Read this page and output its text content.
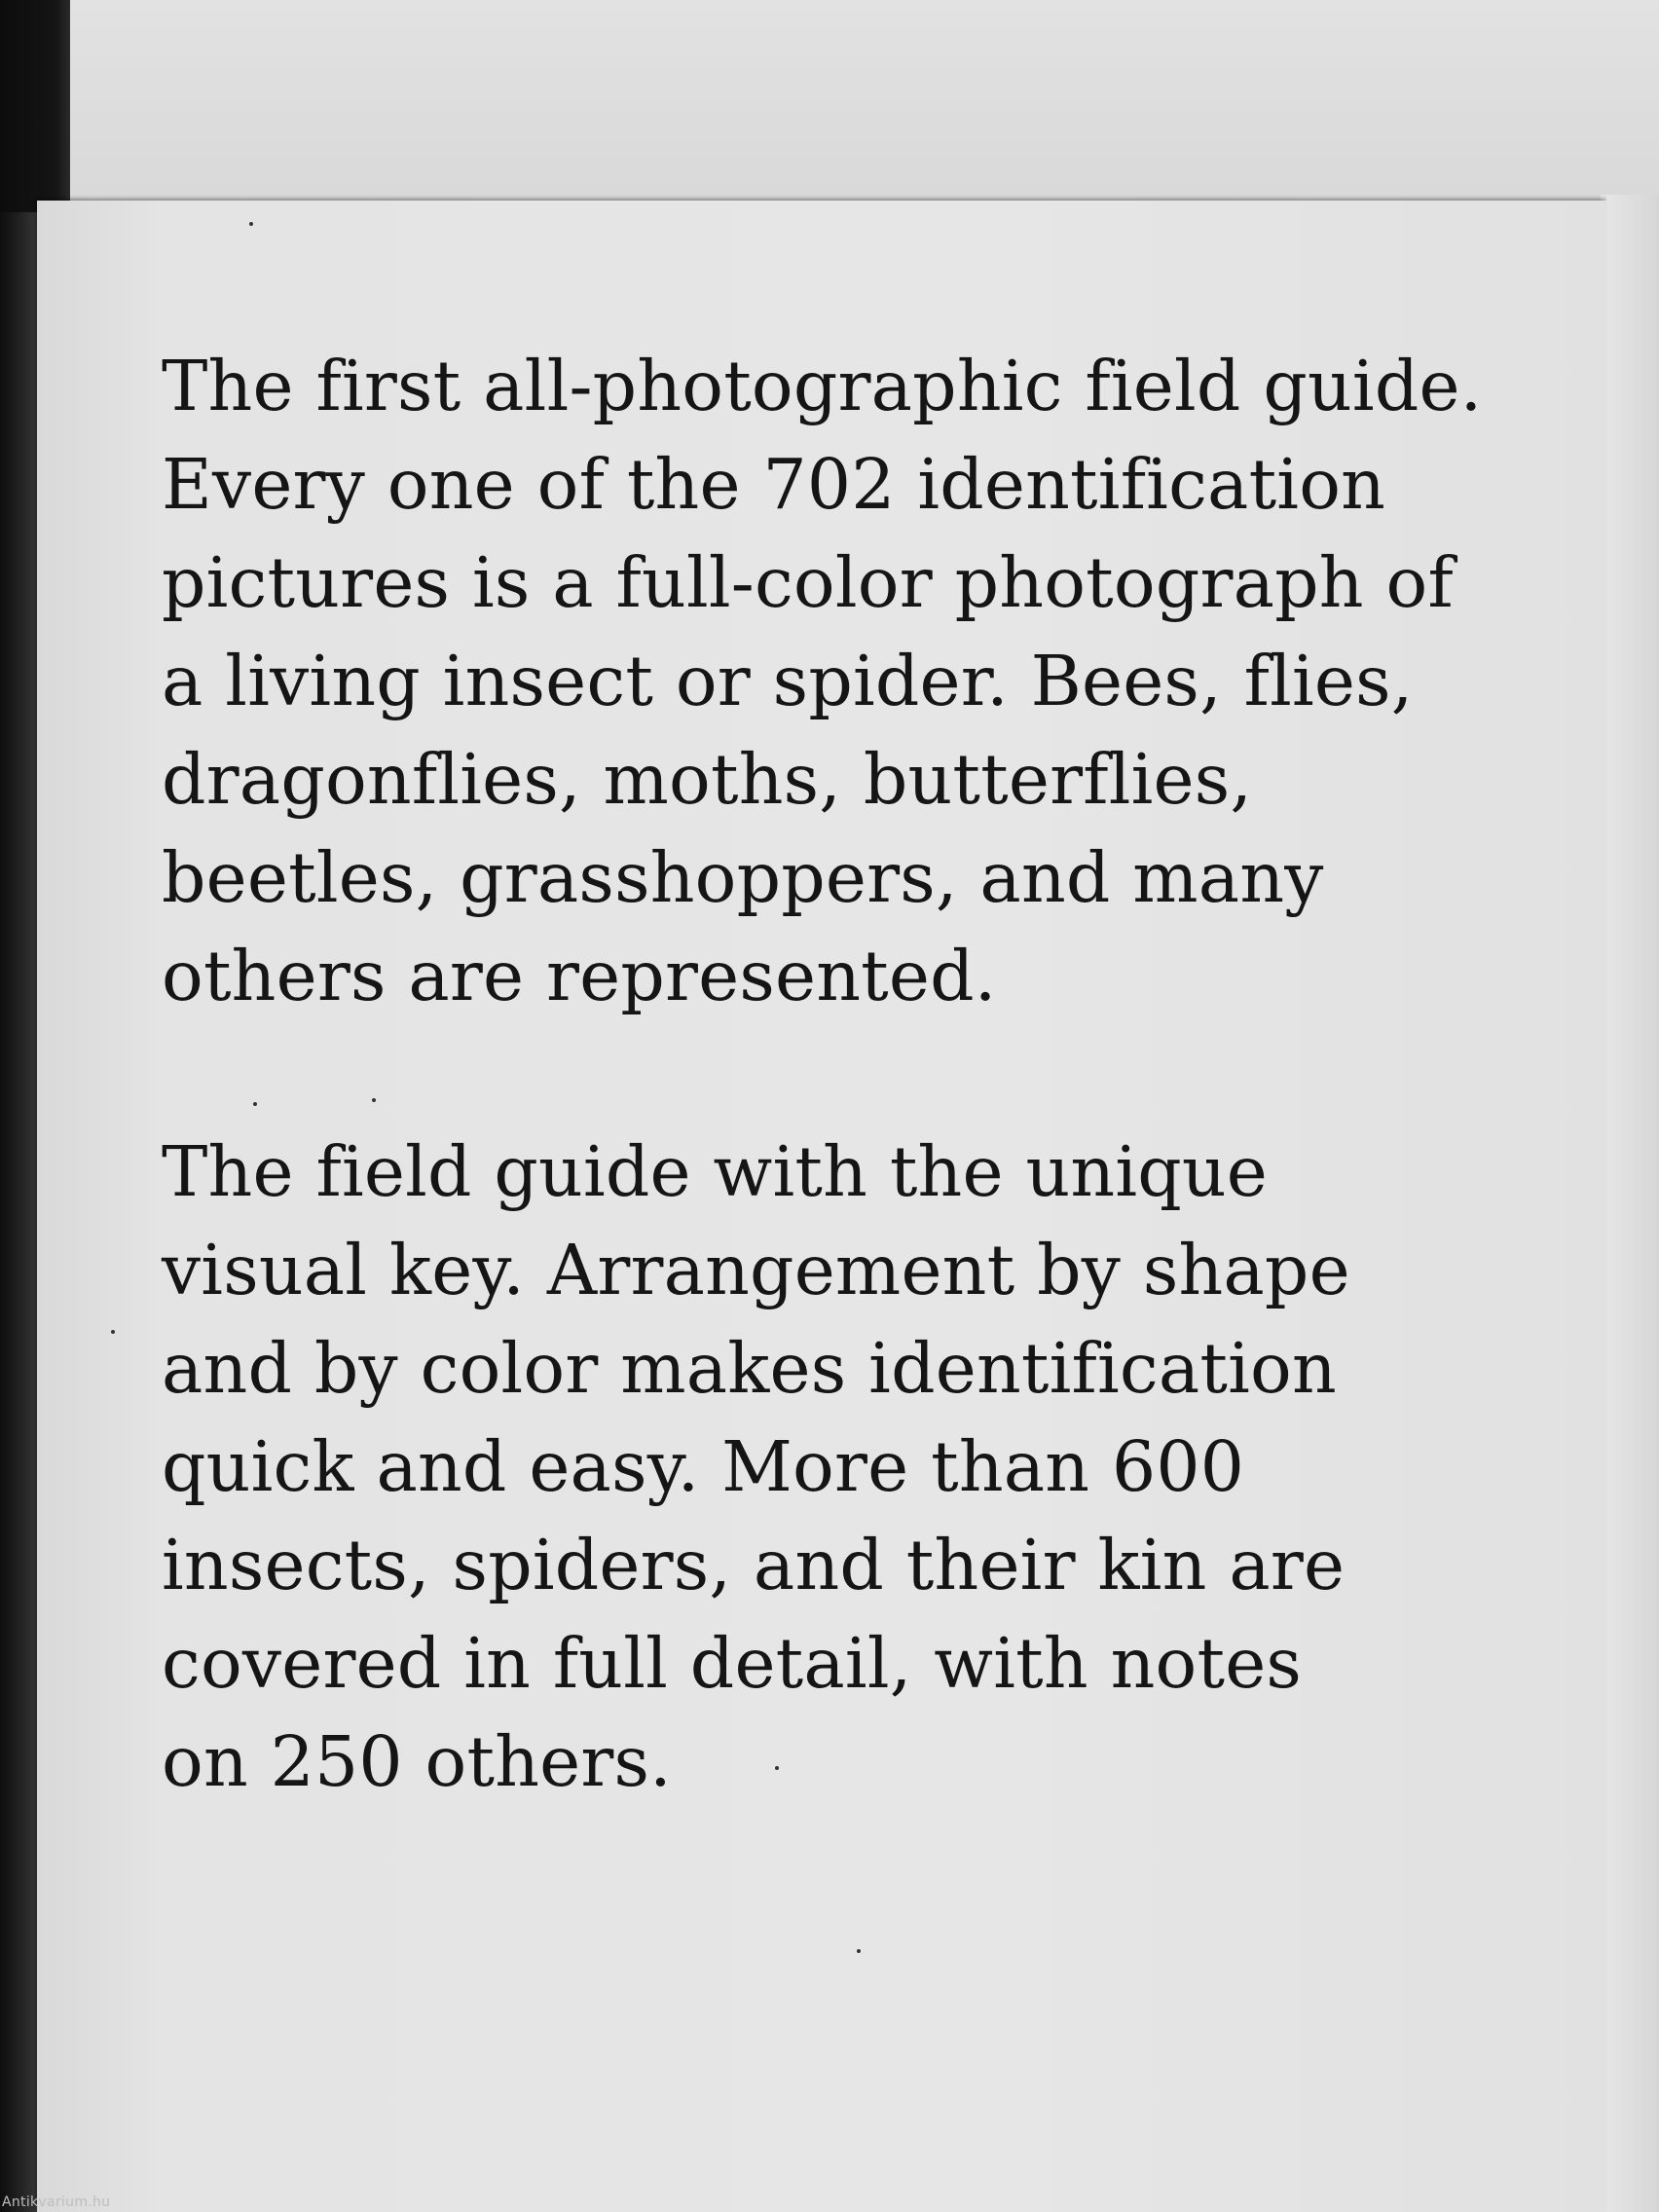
The first all-photographic field guide.
Every one of the 702 identification
pictures is a full-color photograph of
a living insect or spider. Bees, flies,
dragonflies, moths, butterflies,
beetles, grasshoppers, and many
others are represented.

The field guide with the unique
visual key. Arrangement by shape
and by color makes identification
quick and easy. More than 600
insects, spiders, and their kin are
covered in full detail, with notes
on 250 others.

Antikvarium.hu
